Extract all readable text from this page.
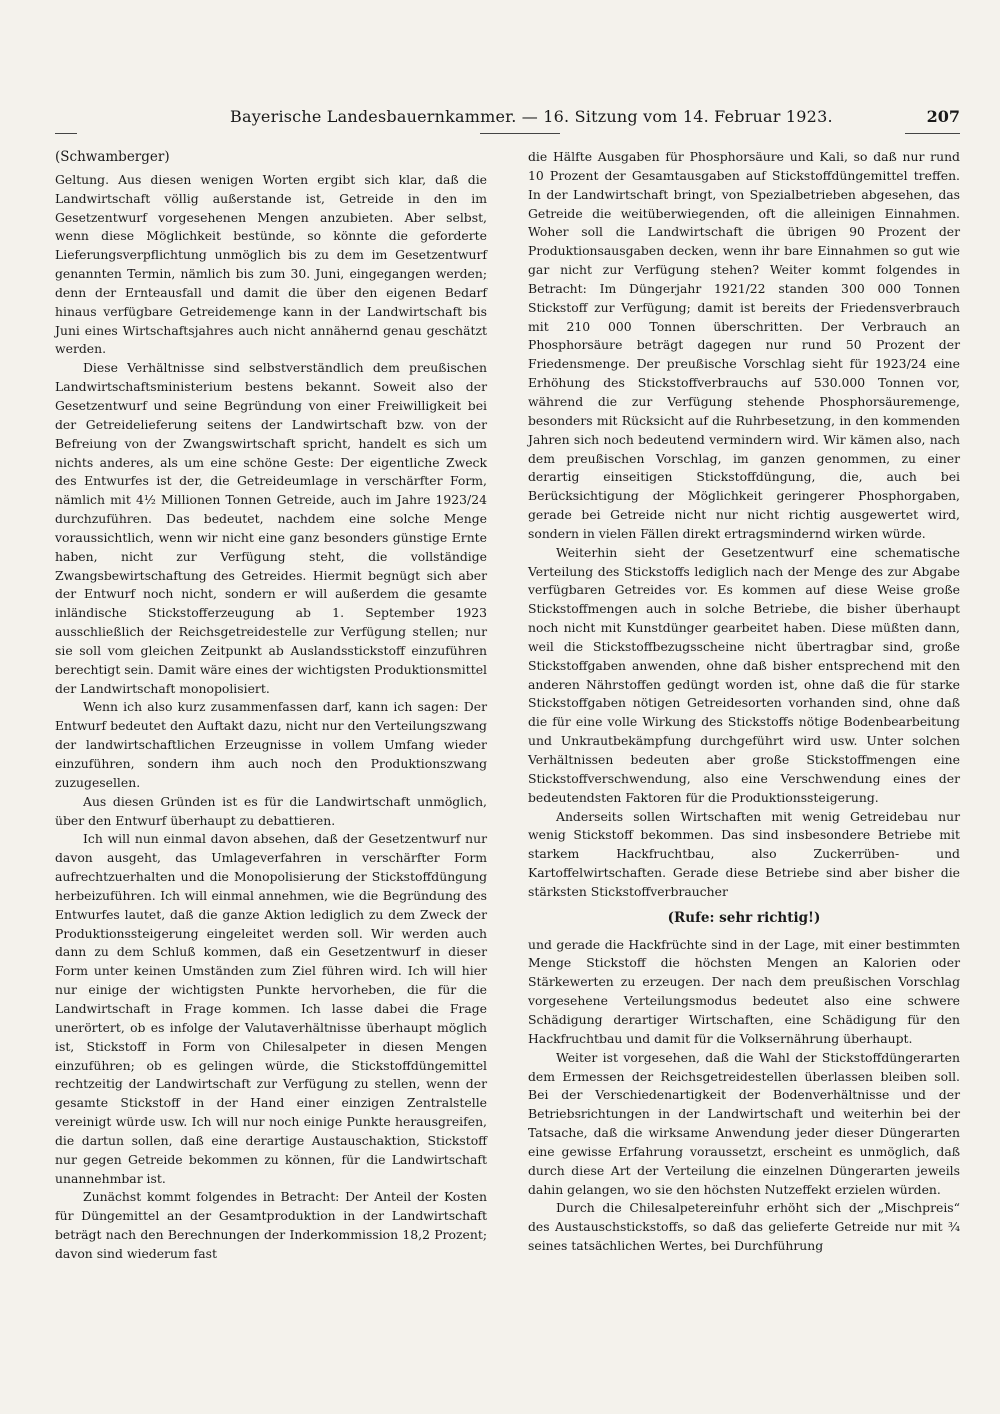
Bayerische Landesbauernkammer. — 16. Sitzung vom 14. Februar 1923.	207

(Schwamberger)

Geltung. Aus diesen wenigen Worten ergibt sich klar, daß die Landwirtschaft völlig außerstande ist, Getreide in den im Gesetzentwurf vorgesehenen Mengen anzubieten. Aber selbst, wenn diese Möglichkeit bestünde, so könnte die geforderte Lieferungsverpflichtung unmöglich bis zu dem im Gesetzentwurf genannten Termin, nämlich bis zum 30. Juni, eingegangen werden; denn der Ernteausfall und damit die über den eigenen Bedarf hinaus verfügbare Getreidemenge kann in der Landwirtschaft bis Juni eines Wirtschaftsjahres auch nicht annähernd genau geschätzt werden.

Diese Verhältnisse sind selbstverständlich dem preußischen Landwirtschaftsministerium bestens bekannt. Soweit also der Gesetzentwurf und seine Begründung von einer Freiwilligkeit bei der Getreidelieferung seitens der Landwirtschaft bzw. von der Befreiung von der Zwangswirtschaft spricht, handelt es sich um nichts anderes, als um eine schöne Geste: Der eigentliche Zweck des Entwurfes ist der, die Getreideumlage in verschärfter Form, nämlich mit 4½ Millionen Tonnen Getreide, auch im Jahre 1923/24 durchzuführen. Das bedeutet, nachdem eine solche Menge voraussichtlich, wenn wir nicht eine ganz besonders günstige Ernte haben, nicht zur Verfügung steht, die vollständige Zwangsbewirtschaftung des Getreides. Hiermit begnügt sich aber der Entwurf noch nicht, sondern er will außerdem die gesamte inländische Stickstofferzeugung ab 1. September 1923 ausschließlich der Reichsgetreidestelle zur Verfügung stellen; nur sie soll vom gleichen Zeitpunkt ab Auslandsstickstoff einzuführen berechtigt sein. Damit wäre eines der wichtigsten Produktionsmittel der Landwirtschaft monopolisiert.

Wenn ich also kurz zusammenfassen darf, kann ich sagen: Der Entwurf bedeutet den Auftakt dazu, nicht nur den Verteilungszwang der landwirtschaftlichen Erzeugnisse in vollem Umfang wieder einzuführen, sondern ihm auch noch den Produktionszwang zuzugesellen.

Aus diesen Gründen ist es für die Landwirtschaft unmöglich, über den Entwurf überhaupt zu debattieren.

Ich will nun einmal davon absehen, daß der Gesetzentwurf nur davon ausgeht, das Umlageverfahren in verschärfter Form aufrechtzuerhalten und die Monopolisierung der Stickstoffdüngung herbeizuführen. Ich will einmal annehmen, wie die Begründung des Entwurfes lautet, daß die ganze Aktion lediglich zu dem Zweck der Produktionssteigerung eingeleitet werden soll. Wir werden auch dann zu dem Schluß kommen, daß ein Gesetzentwurf in dieser Form unter keinen Umständen zum Ziel führen wird. Ich will hier nur einige der wichtigsten Punkte hervorheben, die für die Landwirtschaft in Frage kommen. Ich lasse dabei die Frage unerörtert, ob es infolge der Valutaverhältnisse überhaupt möglich ist, Stickstoff in Form von Chilesalpeter in diesen Mengen einzuführen; ob es gelingen würde, die Stickstoffdüngemittel rechtzeitig der Landwirtschaft zur Verfügung zu stellen, wenn der gesamte Stickstoff in der Hand einer einzigen Zentralstelle vereinigt würde usw. Ich will nur noch einige Punkte herausgreifen, die dartun sollen, daß eine derartige Austauschaktion, Stickstoff nur gegen Getreide bekommen zu können, für die Landwirtschaft unannehmbar ist.

Zunächst kommt folgendes in Betracht: Der Anteil der Kosten für Düngemittel an der Gesamtproduktion in der Landwirtschaft beträgt nach den Berechnungen der Inderkommission 18,2 Prozent; davon sind wiederum fast

die Hälfte Ausgaben für Phosphorsäure und Kali, so daß nur rund 10 Prozent der Gesamtausgaben auf Stickstoffdüngemittel treffen. In der Landwirtschaft bringt, von Spezialbetrieben abgesehen, das Getreide die weitüberwiegenden, oft die alleinigen Einnahmen. Woher soll die Landwirtschaft die übrigen 90 Prozent der Produktionsausgaben decken, wenn ihr bare Einnahmen so gut wie gar nicht zur Verfügung stehen? Weiter kommt folgendes in Betracht: Im Düngerjahr 1921/22 standen 300 000 Tonnen Stickstoff zur Verfügung; damit ist bereits der Friedensverbrauch mit 210 000 Tonnen überschritten. Der Verbrauch an Phosphorsäure beträgt dagegen nur rund 50 Prozent der Friedensmenge. Der preußische Vorschlag sieht für 1923/24 eine Erhöhung des Stickstoffverbrauchs auf 530.000 Tonnen vor, während die zur Verfügung stehende Phosphorsäuremenge, besonders mit Rücksicht auf die Ruhrbesetzung, in den kommenden Jahren sich noch bedeutend vermindern wird. Wir kämen also, nach dem preußischen Vorschlag, im ganzen genommen, zu einer derartig einseitigen Stickstoffdüngung, die, auch bei Berücksichtigung der Möglichkeit geringerer Phosphorgaben, gerade bei Getreide nicht nur nicht richtig ausgewertet wird, sondern in vielen Fällen direkt ertragsmindernd wirken würde.

Weiterhin sieht der Gesetzentwurf eine schematische Verteilung des Stickstoffs lediglich nach der Menge des zur Abgabe verfügbaren Getreides vor. Es kommen auf diese Weise große Stickstoffmengen auch in solche Betriebe, die bisher überhaupt noch nicht mit Kunstdünger gearbeitet haben. Diese müßten dann, weil die Stickstoffbezugsscheine nicht übertragbar sind, große Stickstoffgaben anwenden, ohne daß bisher entsprechend mit den anderen Nährstoffen gedüngt worden ist, ohne daß die für starke Stickstoffgaben nötigen Getreidesorten vorhanden sind, ohne daß die für eine volle Wirkung des Stickstoffs nötige Bodenbearbeitung und Unkrautbekämpfung durchgeführt wird usw. Unter solchen Verhältnissen bedeuten aber große Stickstoffmengen eine Stickstoffverschwendung, also eine Verschwendung eines der bedeutendsten Faktoren für die Produktionssteigerung.

Anderseits sollen Wirtschaften mit wenig Getreidebau nur wenig Stickstoff bekommen. Das sind insbesondere Betriebe mit starkem Hackfruchtbau, also Zuckerrüben- und Kartoffelwirtschaften. Gerade diese Betriebe sind aber bisher die stärksten Stickstoffverbraucher

(Rufe: sehr richtig!)

und gerade die Hackfrüchte sind in der Lage, mit einer bestimmten Menge Stickstoff die höchsten Mengen an Kalorien oder Stärkewerten zu erzeugen. Der nach dem preußischen Vorschlag vorgesehene Verteilungsmodus bedeutet also eine schwere Schädigung derartiger Wirtschaften, eine Schädigung für den Hackfruchtbau und damit für die Volksernährung überhaupt.

Weiter ist vorgesehen, daß die Wahl der Stickstoffdüngerarten dem Ermessen der Reichsgetreidestellen überlassen bleiben soll. Bei der Verschiedenartigkeit der Bodenverhältnisse und der Betriebsrichtungen in der Landwirtschaft und weiterhin bei der Tatsache, daß die wirksame Anwendung jeder dieser Düngerarten eine gewisse Erfahrung voraussetzt, erscheint es unmöglich, daß durch diese Art der Verteilung die einzelnen Düngerarten jeweils dahin gelangen, wo sie den höchsten Nutzeffekt erzielen würden.

Durch die Chilesalpetereinfuhr erhöht sich der „Mischpreis“ des Austauschstickstoffs, so daß das gelieferte Getreide nur mit ¾ seines tatsächlichen Wertes, bei Durchführung
